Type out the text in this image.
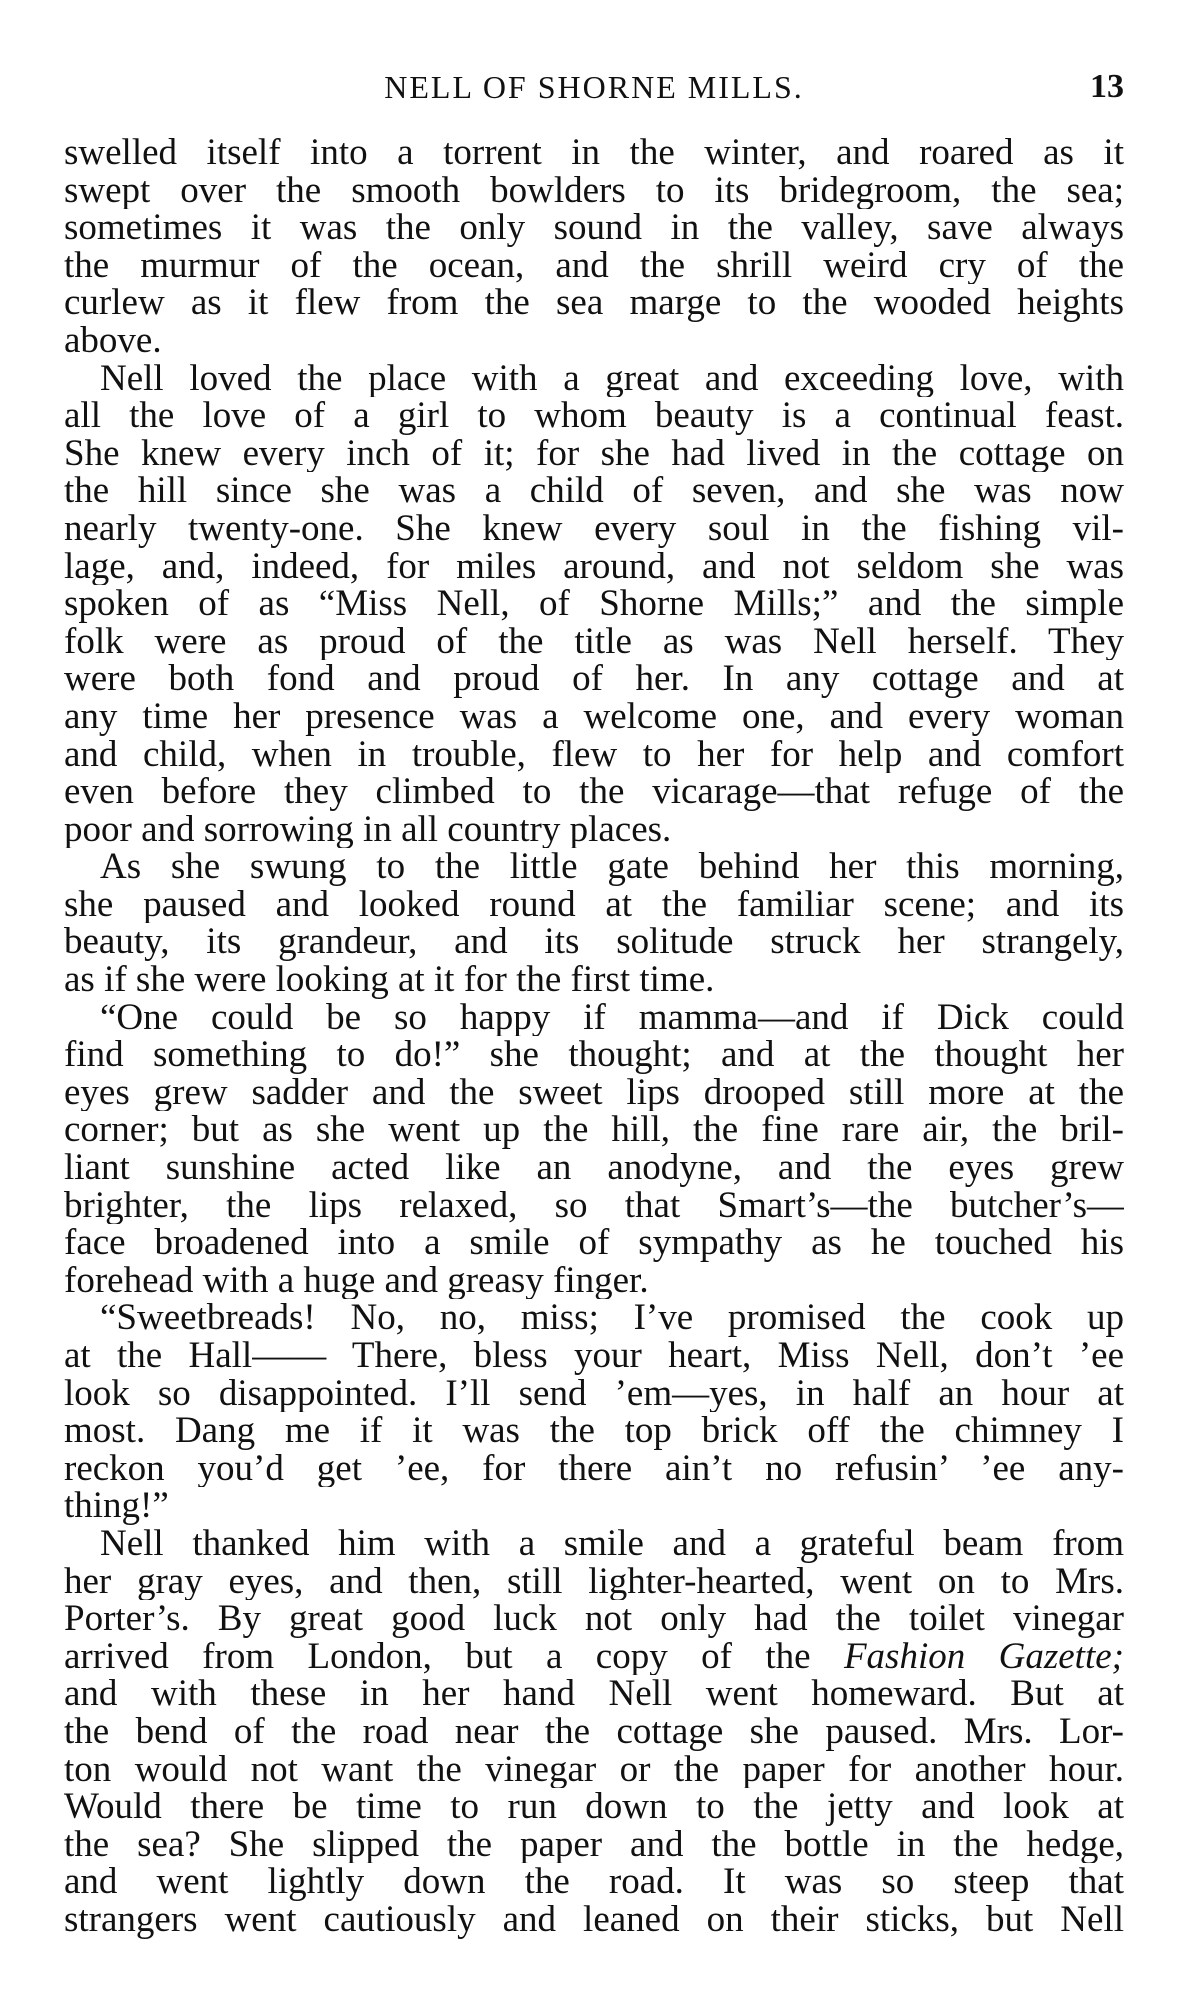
NELL OF SHORNE MILLS.	13
swelled itself into a torrent in the winter, and roared as it
swept over the smooth bowlders to its bridegroom, the sea;
sometimes it was the only sound in the valley, save always
the murmur of the ocean, and the shrill weird cry of the
curlew as it flew from the sea marge to the wooded heights
above.
Nell loved the place with a great and exceeding love, with
all the love of a girl to whom beauty is a continual feast.
She knew every inch of it; for she had lived in the cottage on
the hill since she was a child of seven, and she was now
nearly twenty-one. She knew every soul in the fishing vil-
lage, and, indeed, for miles around, and not seldom she was
spoken of as “Miss Nell, of Shorne Mills;” and the simple
folk were as proud of the title as was Nell herself. They
were both fond and proud of her. In any cottage and at
any time her presence was a welcome one, and every woman
and child, when in trouble, flew to her for help and comfort
even before they climbed to the vicarage—that refuge of the
poor and sorrowing in all country places.
As she swung to the little gate behind her this morning,
she paused and looked round at the familiar scene; and its
beauty, its grandeur, and its solitude struck her strangely,
as if she were looking at it for the first time.
“One could be so happy if mamma—and if Dick could
find something to do!” she thought; and at the thought her
eyes grew sadder and the sweet lips drooped still more at the
corner; but as she went up the hill, the fine rare air, the bril-
liant sunshine acted like an anodyne, and the eyes grew
brighter, the lips relaxed, so that Smart’s—the butcher’s—
face broadened into a smile of sympathy as he touched his
forehead with a huge and greasy finger.
“Sweetbreads! No, no, miss; I’ve promised the cook up
at the Hall—— There, bless your heart, Miss Nell, don’t ’ee
look so disappointed. I’ll send ’em—yes, in half an hour at
most. Dang me if it was the top brick off the chimney I
reckon you’d get ’ee, for there ain’t no refusin’ ’ee any-
thing!”
Nell thanked him with a smile and a grateful beam from
her gray eyes, and then, still lighter-hearted, went on to Mrs.
Porter’s. By great good luck not only had the toilet vinegar
arrived from London, but a copy of the Fashion Gazette;
and with these in her hand Nell went homeward. But at
the bend of the road near the cottage she paused. Mrs. Lor-
ton would not want the vinegar or the paper for another hour.
Would there be time to run down to the jetty and look at
the sea? She slipped the paper and the bottle in the hedge,
and went lightly down the road. It was so steep that
strangers went cautiously and leaned on their sticks, but Nell
